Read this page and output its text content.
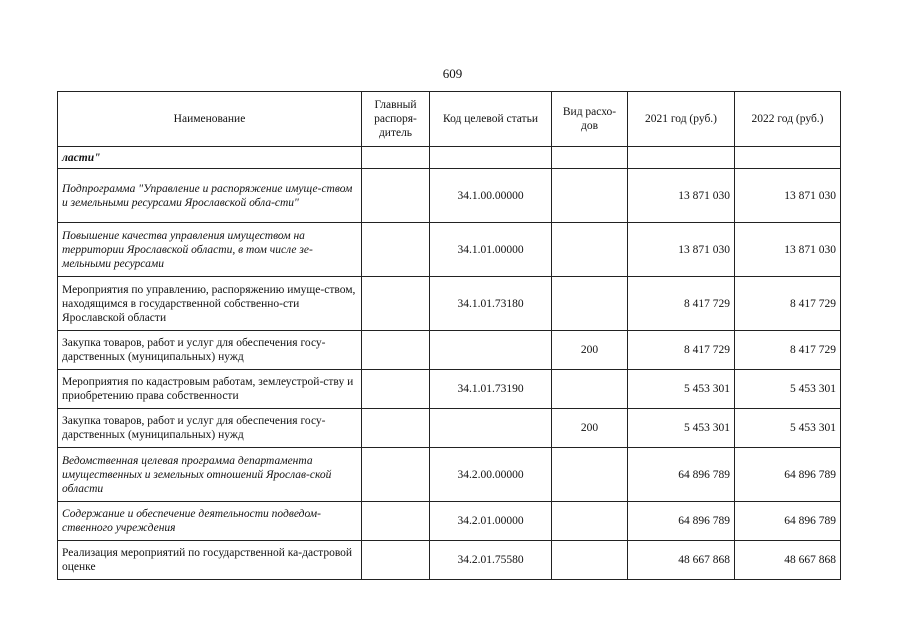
609
Наименование	Главный распоря-дитель	Код целевой статьи	Вид расхо-дов	2021 год (руб.)	2022 год (руб.)
ласти"					
Подпрограмма "Управление и распоряжение имуще-ством и земельными ресурсами Ярославской обла-сти"		34.1.00.00000		13 871 030	13 871 030
Повышение качества управления имуществом на территории Ярославской области, в том числе зе-мельными ресурсами		34.1.01.00000		13 871 030	13 871 030
Мероприятия по управлению, распоряжению имуще-ством, находящимся в государственной собственно-сти Ярославской области		34.1.01.73180		8 417 729	8 417 729
Закупка товаров, работ и услуг для обеспечения госу-дарственных (муниципальных) нужд			200	8 417 729	8 417 729
Мероприятия по кадастровым работам, землеустрой-ству и приобретению права собственности		34.1.01.73190		5 453 301	5 453 301
Закупка товаров, работ и услуг для обеспечения госу-дарственных (муниципальных) нужд			200	5 453 301	5 453 301
Ведомственная целевая программа департамента имущественных и земельных отношений Ярослав-ской области		34.2.00.00000		64 896 789	64 896 789
Содержание и обеспечение деятельности подведом-ственного учреждения		34.2.01.00000		64 896 789	64 896 789
Реализация мероприятий по государственной ка-дастровой оценке		34.2.01.75580		48 667 868	48 667 868
